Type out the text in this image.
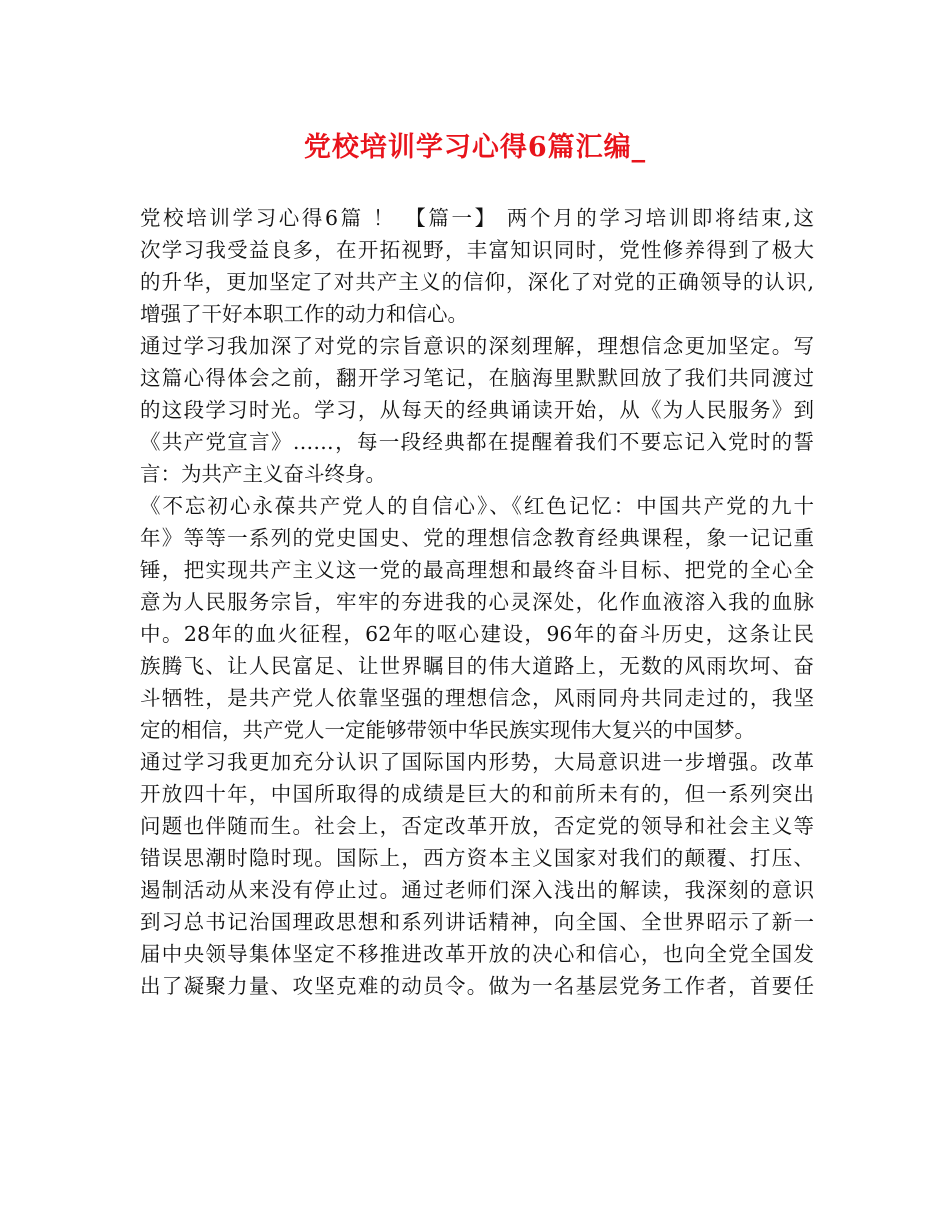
党校培训学习心得6篇汇编_
党校培训学习心得6篇 ！ 【篇一】 两个月的学习培训即将结束,这
次学习我受益良多，在开拓视野，丰富知识同时，党性修养得到了极大
的升华，更加坚定了对共产主义的信仰，深化了对党的正确领导的认识,
增强了干好本职工作的动力和信心。
通过学习我加深了对党的宗旨意识的深刻理解，理想信念更加坚定。写
这篇心得体会之前，翻开学习笔记，在脑海里默默回放了我们共同渡过
的这段学习时光。学习，从每天的经典诵读开始，从《为人民服务》到
《共产党宣言》……，每一段经典都在提醒着我们不要忘记入党时的誓
言：为共产主义奋斗终身。
《不忘初心永葆共产党人的自信心》、《红色记忆：中国共产党的九十
年》等等一系列的党史国史、党的理想信念教育经典课程，象一记记重
锤，把实现共产主义这一党的最高理想和最终奋斗目标、把党的全心全
意为人民服务宗旨，牢牢的夯进我的心灵深处，化作血液溶入我的血脉
中。28年的血火征程，62年的呕心建设，96年的奋斗历史，这条让民
族腾飞、让人民富足、让世界瞩目的伟大道路上，无数的风雨坎坷、奋
斗牺牲，是共产党人依靠坚强的理想信念，风雨同舟共同走过的，我坚
定的相信，共产党人一定能够带领中华民族实现伟大复兴的中国梦。
通过学习我更加充分认识了国际国内形势，大局意识进一步增强。改革
开放四十年，中国所取得的成绩是巨大的和前所未有的，但一系列突出
问题也伴随而生。社会上，否定改革开放，否定党的领导和社会主义等
错误思潮时隐时现。国际上，西方资本主义国家对我们的颠覆、打压、
遏制活动从来没有停止过。通过老师们深入浅出的解读，我深刻的意识
到习总书记治国理政思想和系列讲话精神，向全国、全世界昭示了新一
届中央领导集体坚定不移推进改革开放的决心和信心，也向全党全国发
出了凝聚力量、攻坚克难的动员令。做为一名基层党务工作者，首要任
